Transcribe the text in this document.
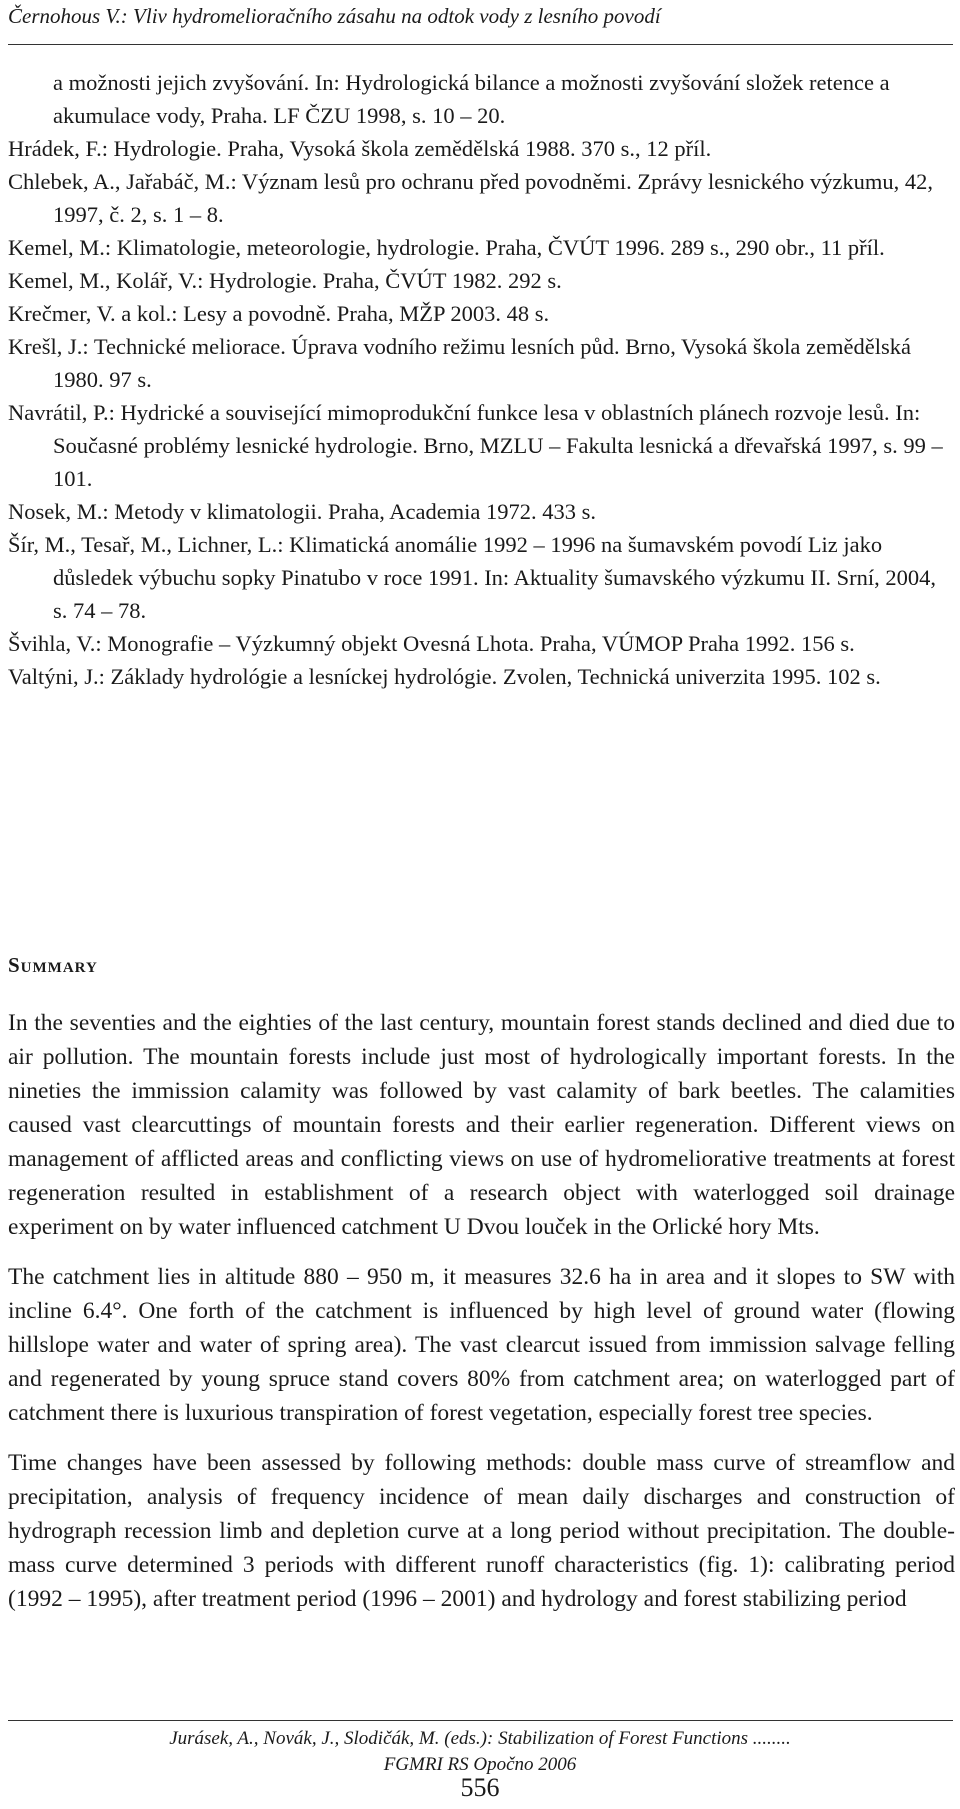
Černohous V.: Vliv hydromelioračního zásahu na odtok vody z lesního povodí
a možnosti jejich zvyšování. In: Hydrologická bilance a možnosti zvyšování složek retence a akumulace vody, Praha. LF ČZU 1998, s. 10 – 20.
Hrádek, F.: Hydrologie. Praha, Vysoká škola zemědělská 1988. 370 s., 12 příl.
Chlebek, A., Jařabáč, M.: Význam lesů pro ochranu před povodněmi. Zprávy lesnického výzkumu, 42, 1997, č. 2, s. 1 – 8.
Kemel, M.: Klimatologie, meteorologie, hydrologie. Praha, ČVÚT 1996. 289 s., 290 obr., 11 příl.
Kemel, M., Kolář, V.: Hydrologie. Praha, ČVÚT 1982. 292 s.
Krečmer, V. a kol.: Lesy a povodně. Praha, MŽP 2003. 48 s.
Krešl, J.: Technické meliorace. Úprava vodního režimu lesních půd. Brno, Vysoká škola zemědělská 1980. 97 s.
Navrátil, P.: Hydrické a související mimoprodukční funkce lesa v oblastních plánech rozvoje lesů. In: Současné problémy lesnické hydrologie. Brno, MZLU – Fakulta lesnická a dřevařská 1997, s. 99 – 101.
Nosek, M.: Metody v klimatologii. Praha, Academia 1972. 433 s.
Šír, M., Tesař, M., Lichner, L.: Klimatická anomálie 1992 – 1996 na šumavském povodí Liz jako důsledek výbuchu sopky Pinatubo v roce 1991. In: Aktuality šumavského výzkumu II. Srní, 2004, s. 74 – 78.
Švihla, V.: Monografie – Výzkumný objekt Ovesná Lhota. Praha, VÚMOP Praha 1992. 156 s.
Valtýni, J.: Základy hydrológie a lesníckej hydrológie. Zvolen, Technická univerzita 1995. 102 s.
Summary

In the seventies and the eighties of the last century, mountain forest stands declined and died due to air pollution. The mountain forests include just most of hydrologically important forests. In the nineties the immission calamity was followed by vast calamity of bark beetles. The calamities caused vast clearcuttings of mountain forests and their earlier regeneration. Different views on management of afflicted areas and conflicting views on use of hydromeliorative treatments at forest regeneration resulted in establishment of a research object with waterlogged soil drainage experiment on by water influenced catchment U Dvou louček in the Orlické hory Mts.

The catchment lies in altitude 880 – 950 m, it measures 32.6 ha in area and it slopes to SW with incline 6.4°. One forth of the catchment is influenced by high level of ground water (flowing hillslope water and water of spring area). The vast clearcut issued from immission salvage felling and regenerated by young spruce stand covers 80% from catchment area; on waterlogged part of catchment there is luxurious transpiration of forest vegetation, especially forest tree species.

Time changes have been assessed by following methods: double mass curve of streamflow and precipitation, analysis of frequency incidence of mean daily discharges and construction of hydrograph recession limb and depletion curve at a long period without precipitation. The double-mass curve determined 3 periods with different runoff characteristics (fig. 1): calibrating period (1992 – 1995), after treatment period (1996 – 2001) and hydrology and forest stabilizing period

Jurásek, A., Novák, J., Slodičák, M. (eds.): Stabilization of Forest Functions ........
FGMRI RS Opočno 2006
556
